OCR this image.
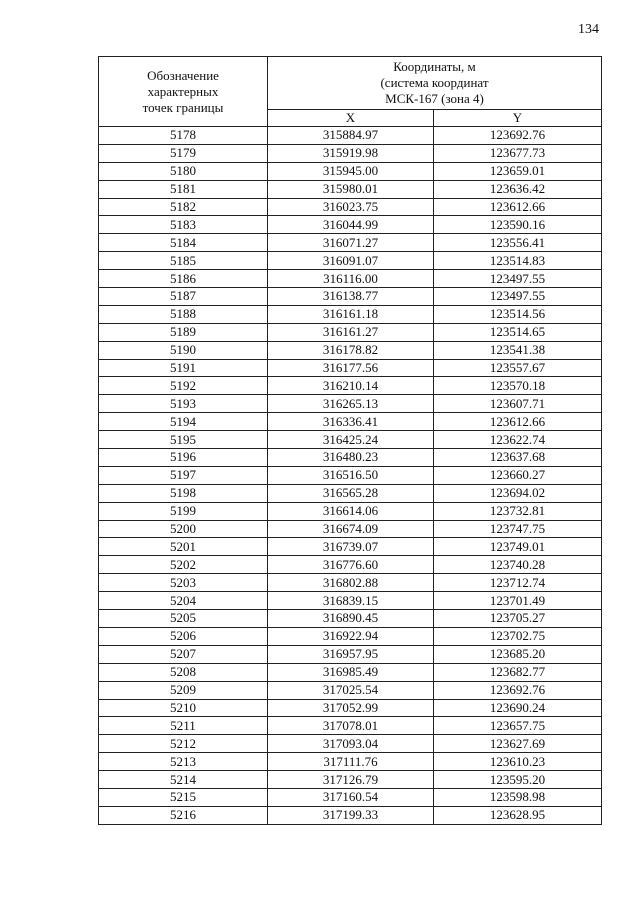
134
Обозначение
характерных
точек границы	Координаты, м
(система координат
МСК-167 (зона 4)	

	X	Y
5178	315884.97	123692.76
5179	315919.98	123677.73
5180	315945.00	123659.01
5181	315980.01	123636.42
5182	316023.75	123612.66
5183	316044.99	123590.16
5184	316071.27	123556.41
5185	316091.07	123514.83
5186	316116.00	123497.55
5187	316138.77	123497.55
5188	316161.18	123514.56
5189	316161.27	123514.65
5190	316178.82	123541.38
5191	316177.56	123557.67
5192	316210.14	123570.18
5193	316265.13	123607.71
5194	316336.41	123612.66
5195	316425.24	123622.74
5196	316480.23	123637.68
5197	316516.50	123660.27
5198	316565.28	123694.02
5199	316614.06	123732.81
5200	316674.09	123747.75
5201	316739.07	123749.01
5202	316776.60	123740.28
5203	316802.88	123712.74
5204	316839.15	123701.49
5205	316890.45	123705.27
5206	316922.94	123702.75
5207	316957.95	123685.20
5208	316985.49	123682.77
5209	317025.54	123692.76
5210	317052.99	123690.24
5211	317078.01	123657.75
5212	317093.04	123627.69
5213	317111.76	123610.23
5214	317126.79	123595.20
5215	317160.54	123598.98
5216	317199.33	123628.95
